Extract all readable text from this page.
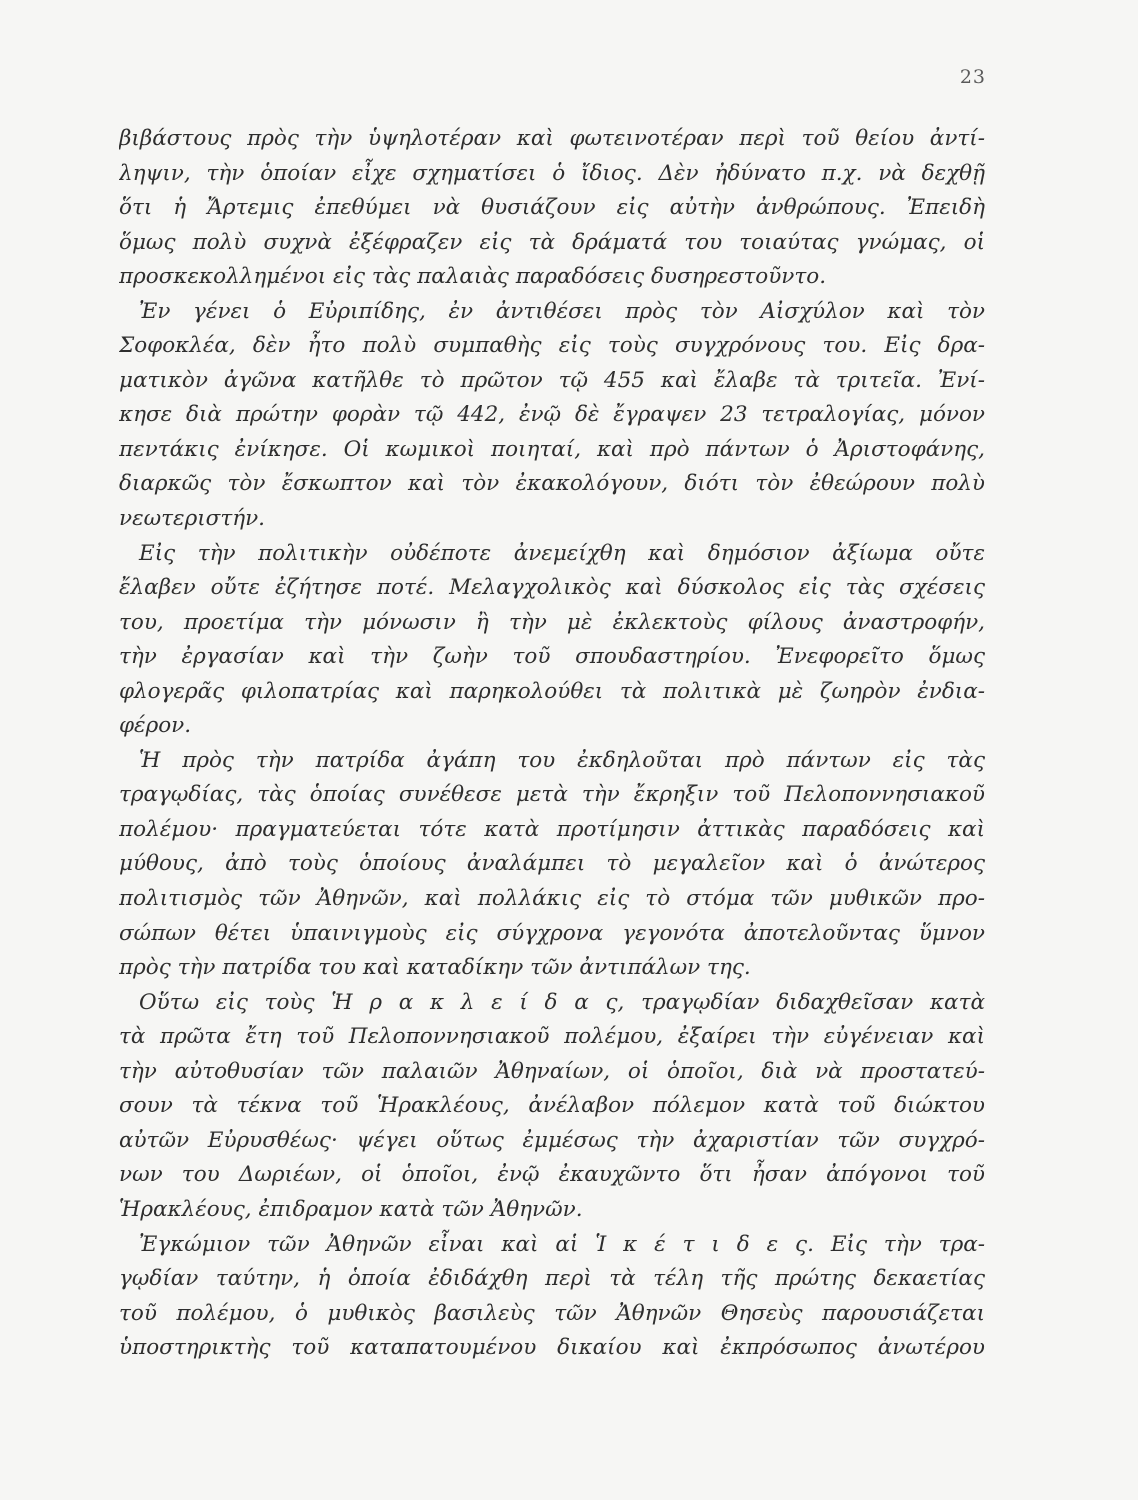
23
βιβάστους πρὸς τὴν ὑψηλοτέραν καὶ φωτεινοτέραν περὶ τοῦ θείου ἀντί-
ληψιν, τὴν ὁποίαν εἶχε σχηματίσει ὁ ἴδιος. Δὲν ἠδύνατο π.χ. νὰ δεχθῇ
ὅτι ἡ Ἄρτεμις ἐπεθύμει νὰ θυσιάζουν εἰς αὐτὴν ἀνθρώπους. Ἐπειδὴ
ὅμως πολὺ συχνὰ ἐξέφραζεν εἰς τὰ δράματά του τοιαύτας γνώμας, οἱ
προσκεκολλημένοι εἰς τὰς παλαιὰς παραδόσεις δυσηρεστοῦντο.
Ἐν γένει ὁ Εὐριπίδης, ἐν ἀντιθέσει πρὸς τὸν Αἰσχύλον καὶ τὸν
Σοφοκλέα, δὲν ἦτο πολὺ συμπαθὴς εἰς τοὺς συγχρόνους του. Εἰς δρα-
ματικὸν ἀγῶνα κατῆλθε τὸ πρῶτον τῷ 455 καὶ ἔλαβε τὰ τριτεῖα. Ἐνί-
κησε διὰ πρώτην φορὰν τῷ 442, ἐνῷ δὲ ἔγραψεν 23 τετραλογίας, μόνον
πεντάκις ἐνίκησε. Οἱ κωμικοὶ ποιηταί, καὶ πρὸ πάντων ὁ Ἀριστοφάνης,
διαρκῶς τὸν ἔσκωπτον καὶ τὸν ἐκακολόγουν, διότι τὸν ἐθεώρουν πολὺ
νεωτεριστήν.
Εἰς τὴν πολιτικὴν οὐδέποτε ἀνεμείχθη καὶ δημόσιον ἀξίωμα οὔτε
ἔλαβεν οὔτε ἐζήτησε ποτέ. Μελαγχολικὸς καὶ δύσκολος εἰς τὰς σχέσεις
του, προετίμα τὴν μόνωσιν ἢ τὴν μὲ ἐκλεκτοὺς φίλους ἀναστροφήν,
τὴν ἐργασίαν καὶ τὴν ζωὴν τοῦ σπουδαστηρίου. Ἐνεφορεῖτο ὅμως
φλογερᾶς φιλοπατρίας καὶ παρηκολούθει τὰ πολιτικὰ μὲ ζωηρὸν ἐνδια-
φέρον.
Ἡ πρὸς τὴν πατρίδα ἀγάπη του ἐκδηλοῦται πρὸ πάντων εἰς τὰς
τραγῳδίας, τὰς ὁποίας συνέθεσε μετὰ τὴν ἔκρηξιν τοῦ Πελοποννησιακοῦ
πολέμου· πραγματεύεται τότε κατὰ προτίμησιν ἀττικὰς παραδόσεις καὶ
μύθους, ἀπὸ τοὺς ὁποίους ἀναλάμπει τὸ μεγαλεῖον καὶ ὁ ἀνώτερος
πολιτισμὸς τῶν Ἀθηνῶν, καὶ πολλάκις εἰς τὸ στόμα τῶν μυθικῶν προ-
σώπων θέτει ὑπαινιγμοὺς εἰς σύγχρονα γεγονότα ἀποτελοῦντας ὕμνον
πρὸς τὴν πατρίδα του καὶ καταδίκην τῶν ἀντιπάλων της.
Οὕτω εἰς τοὺς Ἡ ρ α κ λ ε ί δ α ς, τραγῳδίαν διδαχθεῖσαν κατὰ
τὰ πρῶτα ἔτη τοῦ Πελοποννησιακοῦ πολέμου, ἐξαίρει τὴν εὐγένειαν καὶ
τὴν αὐτοθυσίαν τῶν παλαιῶν Ἀθηναίων, οἱ ὁποῖοι, διὰ νὰ προστατεύ-
σουν τὰ τέκνα τοῦ Ἡρακλέους, ἀνέλαβον πόλεμον κατὰ τοῦ διώκτου
αὐτῶν Εὐρυσθέως· ψέγει οὕτως ἐμμέσως τὴν ἀχαριστίαν τῶν συγχρό-
νων του Δωριέων, οἱ ὁποῖοι, ἐνῷ ἐκαυχῶντο ὅτι ἦσαν ἀπόγονοι τοῦ
Ἡρακλέους, ἐπιδραμον κατὰ τῶν Ἀθηνῶν.
Ἐγκώμιον τῶν Ἀθηνῶν εἶναι καὶ αἱ Ἱ κ έ τ ι δ ε ς. Εἰς τὴν τρα-
γῳδίαν ταύτην, ἡ ὁποία ἐδιδάχθη περὶ τὰ τέλη τῆς πρώτης δεκαετίας
τοῦ πολέμου, ὁ μυθικὸς βασιλεὺς τῶν Ἀθηνῶν Θησεὺς παρουσιάζεται
ὑποστηρικτὴς τοῦ καταπατουμένου δικαίου καὶ ἐκπρόσωπος ἀνωτέρου
